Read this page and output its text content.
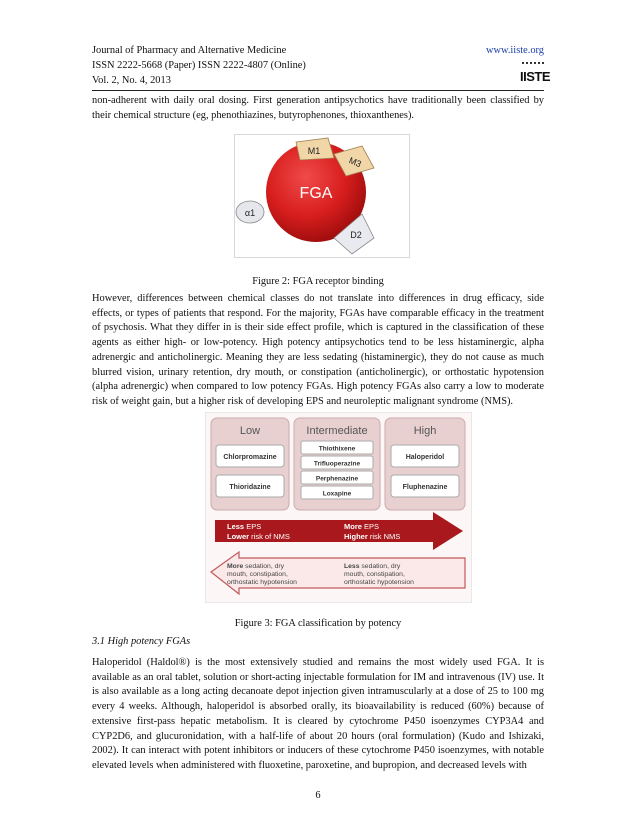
Journal of Pharmacy and Alternative Medicine
ISSN 2222-5668 (Paper) ISSN 2222-4807 (Online)
Vol. 2, No. 4, 2013
www.iiste.org
IISTE

non-adherent with daily oral dosing. First generation antipsychotics have traditionally been classified by their chemical structure (eg, phenothiazines, butyrophenones, thioxanthenes).

FGA
M1
M3
α1
D2
Figure 2: FGA receptor binding

However, differences between chemical classes do not translate into differences in drug efficacy, side effects, or types of patients that respond. For the majority, FGAs have comparable efficacy in the treatment of psychosis. What they differ in is their side effect profile, which is captured in the classification of these agents as either high- or low-potency. High potency antipsychotics tend to be less histaminergic, alpha adrenergic and anticholinergic. Meaning they are less sedating (histaminergic), they do not cause as much blurred vision, urinary retention, dry mouth, or constipation (anticholinergic), or orthostatic hypotension (alpha adrenergic) when compared to low potency FGAs. High potency FGAs also carry a low to moderate risk of weight gain, but a higher risk of developing EPS and neuroleptic malignant syndrome (NMS).

Low
Chlorpromazine
Thioridazine
Intermediate
Thiothixene
Trifluoperazine
Perphenazine
Loxapine
High
Haloperidol
Fluphenazine
Less EPS
Lower risk of NMS
More EPS
Higher risk NMS
More sedation, dry
mouth, constipation,
orthostatic hypotension
Less sedation, dry
mouth, constipation,
orthostatic hypotension
Figure 3: FGA classification by potency
3.1 High potency FGAs

Haloperidol (Haldol®) is the most extensively studied and remains the most widely used FGA. It is available as an oral tablet, solution or short-acting injectable formulation for IM and intravenous (IV) use. It is also available as a long acting decanoate depot injection given intramuscularly at a dose of 25 to 100 mg every 4 weeks. Although, haloperidol is absorbed orally, its bioavailability is reduced (60%) because of extensive first-pass hepatic metabolism. It is cleared by cytochrome P450 isoenzymes CYP3A4 and CYP2D6, and glucuronidation, with a half-life of about 20 hours (oral formulation) (Kudo and Ishizaki, 2002). It can interact with potent inhibitors or inducers of these cytochrome P450 isoenzymes, with notable elevated levels when administered with fluoxetine, paroxetine, and bupropion, and decreased levels with

6
